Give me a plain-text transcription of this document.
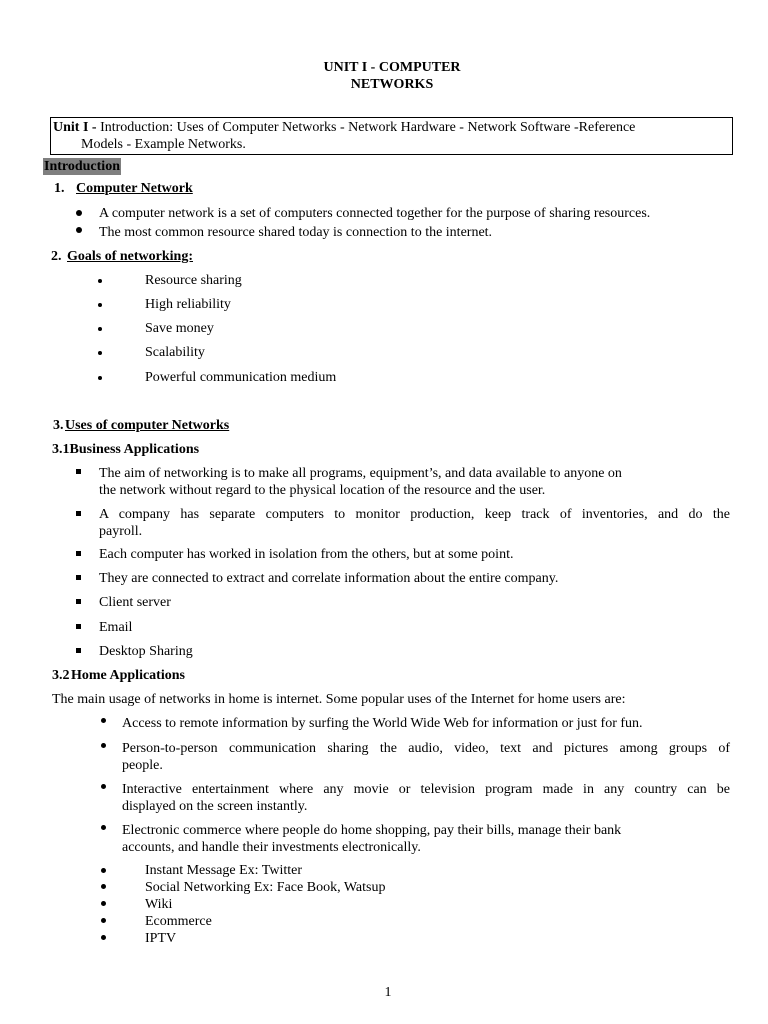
UNIT I - COMPUTER
NETWORKS
Unit I - Introduction: Uses of Computer Networks - Network Hardware - Network Software -Reference
Models - Example Networks.
Introduction
1. Computer Network
A computer network is a set of computers connected together for the purpose of sharing resources.
The most common resource shared today is connection to the internet.
2. Goals of networking:
Resource sharing
High reliability
Save money
Scalability
Powerful communication medium
3. Uses of computer Networks
3.1Business Applications
The aim of networking is to make all programs, equipment’s, and data available to anyone on
the network without regard to the physical location of the resource and the user.
A company has separate computers to monitor production, keep track of inventories, and do the
payroll.
Each computer has worked in isolation from the others, but at some point.
They are connected to extract and correlate information about the entire company.
Client server
Email
Desktop Sharing
3.2 Home Applications
The main usage of networks in home is internet. Some popular uses of the Internet for home users are:
Access to remote information by surfing the World Wide Web for information or just for fun.
Person-to-person communication sharing the audio, video, text and pictures among groups of
people.
Interactive entertainment where any movie or television program made in any country can be
displayed on the screen instantly.
Electronic commerce where people do home shopping, pay their bills, manage their bank
accounts, and handle their investments electronically.
Instant Message Ex: Twitter
Social Networking Ex: Face Book, Watsup
Wiki
Ecommerce
IPTV
1
